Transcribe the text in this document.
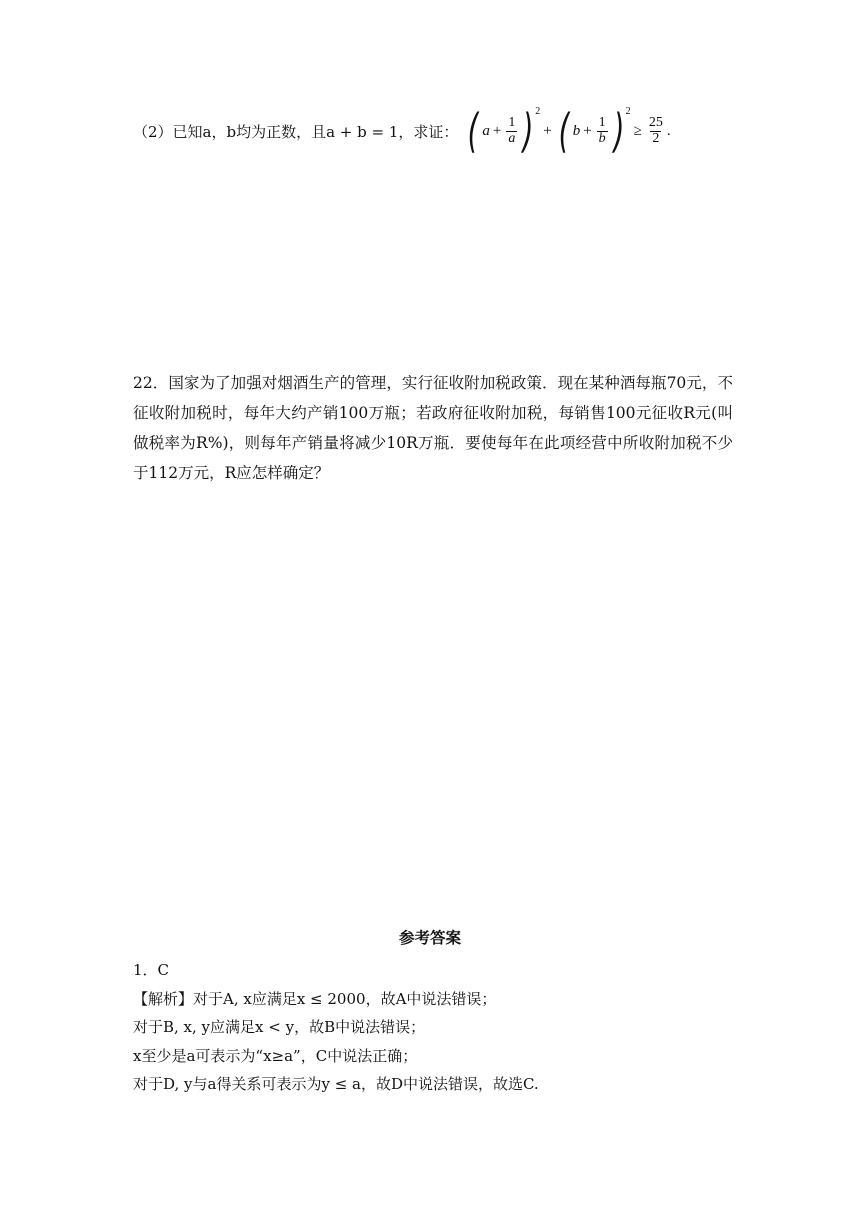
（2）已知a，b均为正数，且a + b = 1，求证： ( $a + \frac{1}{a}$ ) 2
+ ( $b + \frac{1}{b}$ ) 2
≥ $\frac{25}{2}$ .
22．国家为了加强对烟酒生产的管理，实行征收附加税政策．现在某种酒每瓶70元，不征收附加税时，每年大约产销100万瓶；若政府征收附加税，每销售100元征收R元(叫做税率为R%)，则每年产销量将减少10R万瓶．要使每年在此项经营中所收附加税不少于112万元，R应怎样确定？
参考答案
1．C
【解析】对于A, x应满足x ≤ 2000，故A中说法错误；
对于B, x, y应满足x < y，故B中说法错误；
x至少是a可表示为“x≥a”，C中说法正确；
对于D, y与a得关系可表示为y ≤ a，故D中说法错误，故选C.
